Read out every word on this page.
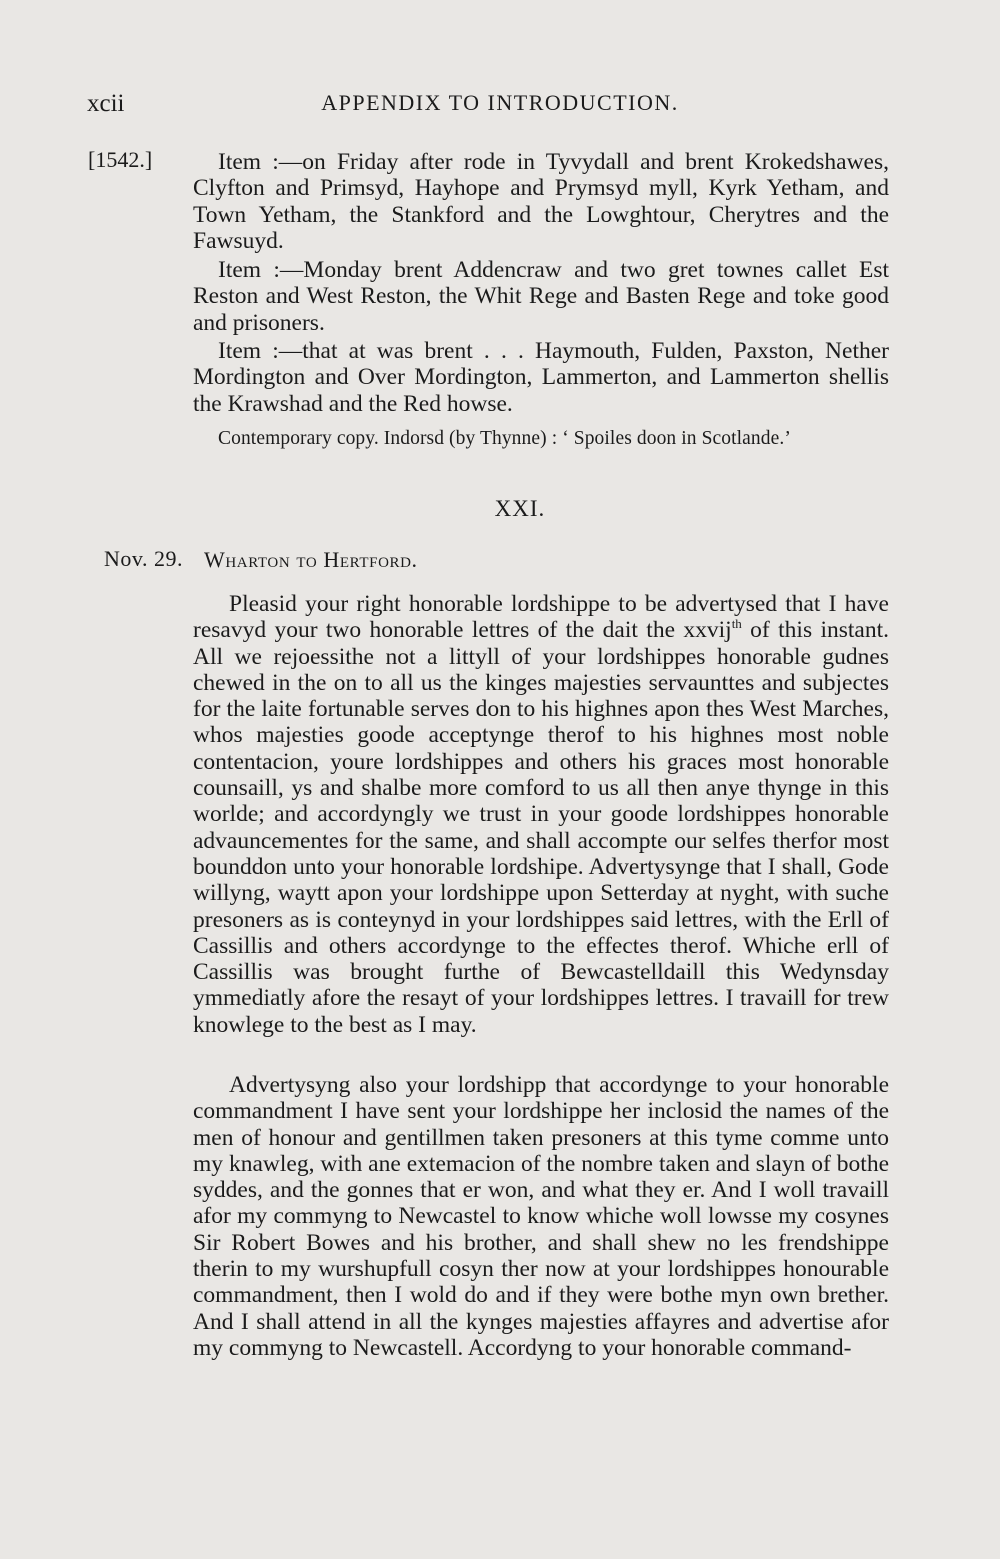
xcii	APPENDIX TO INTRODUCTION.
[1542.]	Item :—on Friday after rode in Tyvydall and brent Krokedshawes, Clyfton and Primsyd, Hayhope and Prymsyd myll, Kyrk Yetham, and Town Yetham, the Stankford and the Lowghtour, Cherytres and the Fawsuyd.

Item :—Monday brent Addencraw and two gret townes callet Est Reston and West Reston, the Whit Rege and Basten Rege and toke good and prisoners.

Item :—that at was brent . . . Haymouth, Fulden, Paxston, Nether Mordington and Over Mordington, Lammerton, and Lammerton shellis the Krawshad and the Red howse.

Contemporary copy. Indorsd (by Thynne) : ‘ Spoiles doon in Scotlande.’
XXI.
Nov. 29. Wharton to Hertford.

Pleasid your right honorable lordshippe to be advertysed that I have resavyd your two honorable lettres of the dait the xxvij$^{th}$ of this instant. All we rejoessithe not a littyll of your lordshippes honorable gudnes chewed in the on to all us the kinges majesties servaunttes and subjectes for the laite fortunable serves don to his highnes apon thes West Marches, whos majesties goode acceptynge therof to his highnes most noble contentacion, youre lordshippes and others his graces most honorable counsaill, ys and shalbe more comford to us all then anye thynge in this worlde; and accordyngly we trust in your goode lordshippes honorable advauncementes for the same, and shall accompte our selfes therfor most bounddon unto your honorable lordshipe. Advertysynge that I shall, Gode willyng, waytt apon your lordshippe upon Setterday at nyght, with suche presoners as is conteynyd in your lordshippes said lettres, with the Erll of Cassillis and others accordynge to the effectes therof. Whiche erll of Cassillis was brought furthe of Bewcastelldaill this Wedynsday ymmediatly afore the resayt of your lordshippes lettres. I travaill for trew knowlege to the best as I may.

Advertysyng also your lordshipp that accordynge to your honorable commandment I have sent your lordshippe her inclosid the names of the men of honour and gentillmen taken presoners at this tyme comme unto my knawleg, with ane extemacion of the nombre taken and slayn of bothe syddes, and the gonnes that er won, and what they er. And I woll travaill afor my commyng to Newcastel to know whiche woll lowsse my cosynes Sir Robert Bowes and his brother, and shall shew no les frendshippe therin to my wurshupfull cosyn ther now at your lordshippes honourable commandment, then I wold do and if they were bothe myn own brether. And I shall attend in all the kynges majesties affayres and advertise afor my commyng to Newcastell. Accordyng to your honorable command-
